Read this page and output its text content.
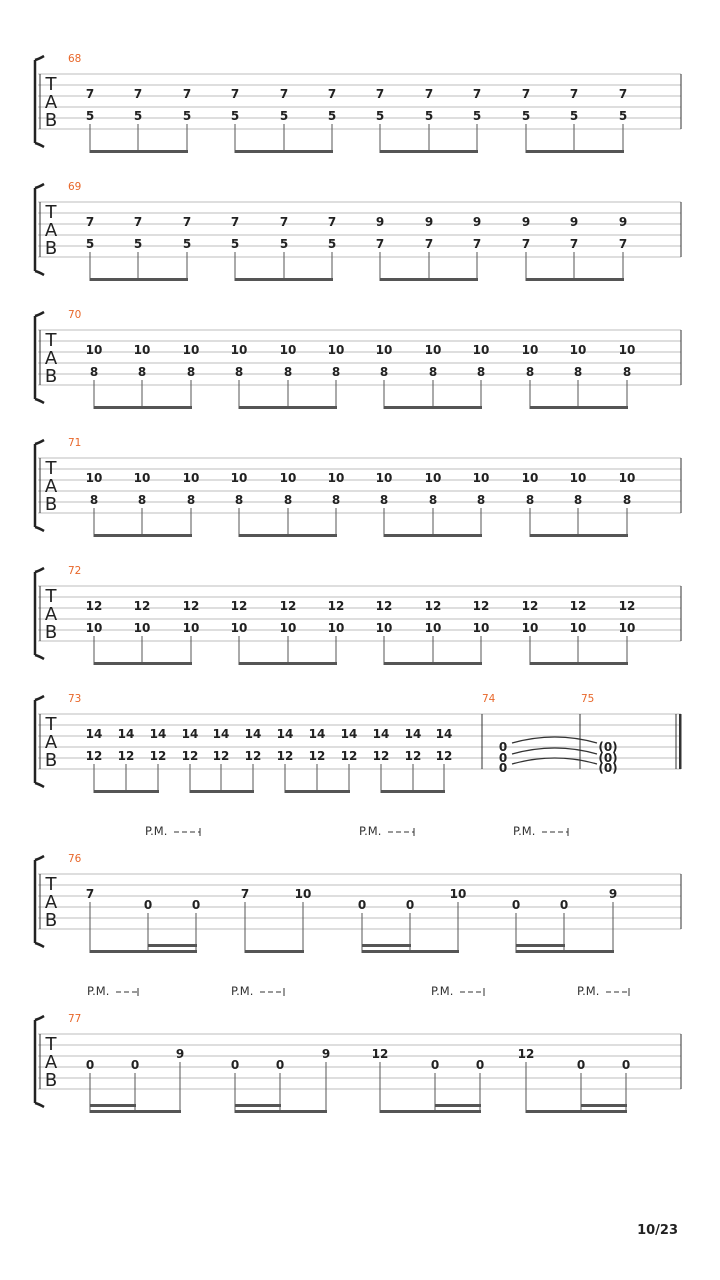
T
A
B
68
7
5
7
5
7
5
7
5
7
5
7
5
7
5
7
5
7
5
7
5
7
5
7
5
T
A
B
69
7
5
7
5
7
5
7
5
7
5
7
5
9
7
9
7
9
7
9
7
9
7
9
7
T
A
B
70
10
8
10
8
10
8
10
8
10
8
10
8
10
8
10
8
10
8
10
8
10
8
10
8
T
A
B
71
10
8
10
8
10
8
10
8
10
8
10
8
10
8
10
8
10
8
10
8
10
8
10
8
T
A
B
72
12
10
12
10
12
10
12
10
12
10
12
10
12
10
12
10
12
10
12
10
12
10
12
10
T
A
B
73
14
12
14
12
14
12
14
12
14
12
14
12
14
12
14
12
14
12
14
12
14
12
14
12
74	75
0	(0)
0	(0)
0	(0)
T
A
B
76
7
0	0
7	10
0	0
10
0	0
9
P.M.	P.M.	P.M.
T
A
B
77
0	0
9
0	0
9	12
0	0
12
0	0
P.M.	P.M.	P.M.	P.M.
10/23
